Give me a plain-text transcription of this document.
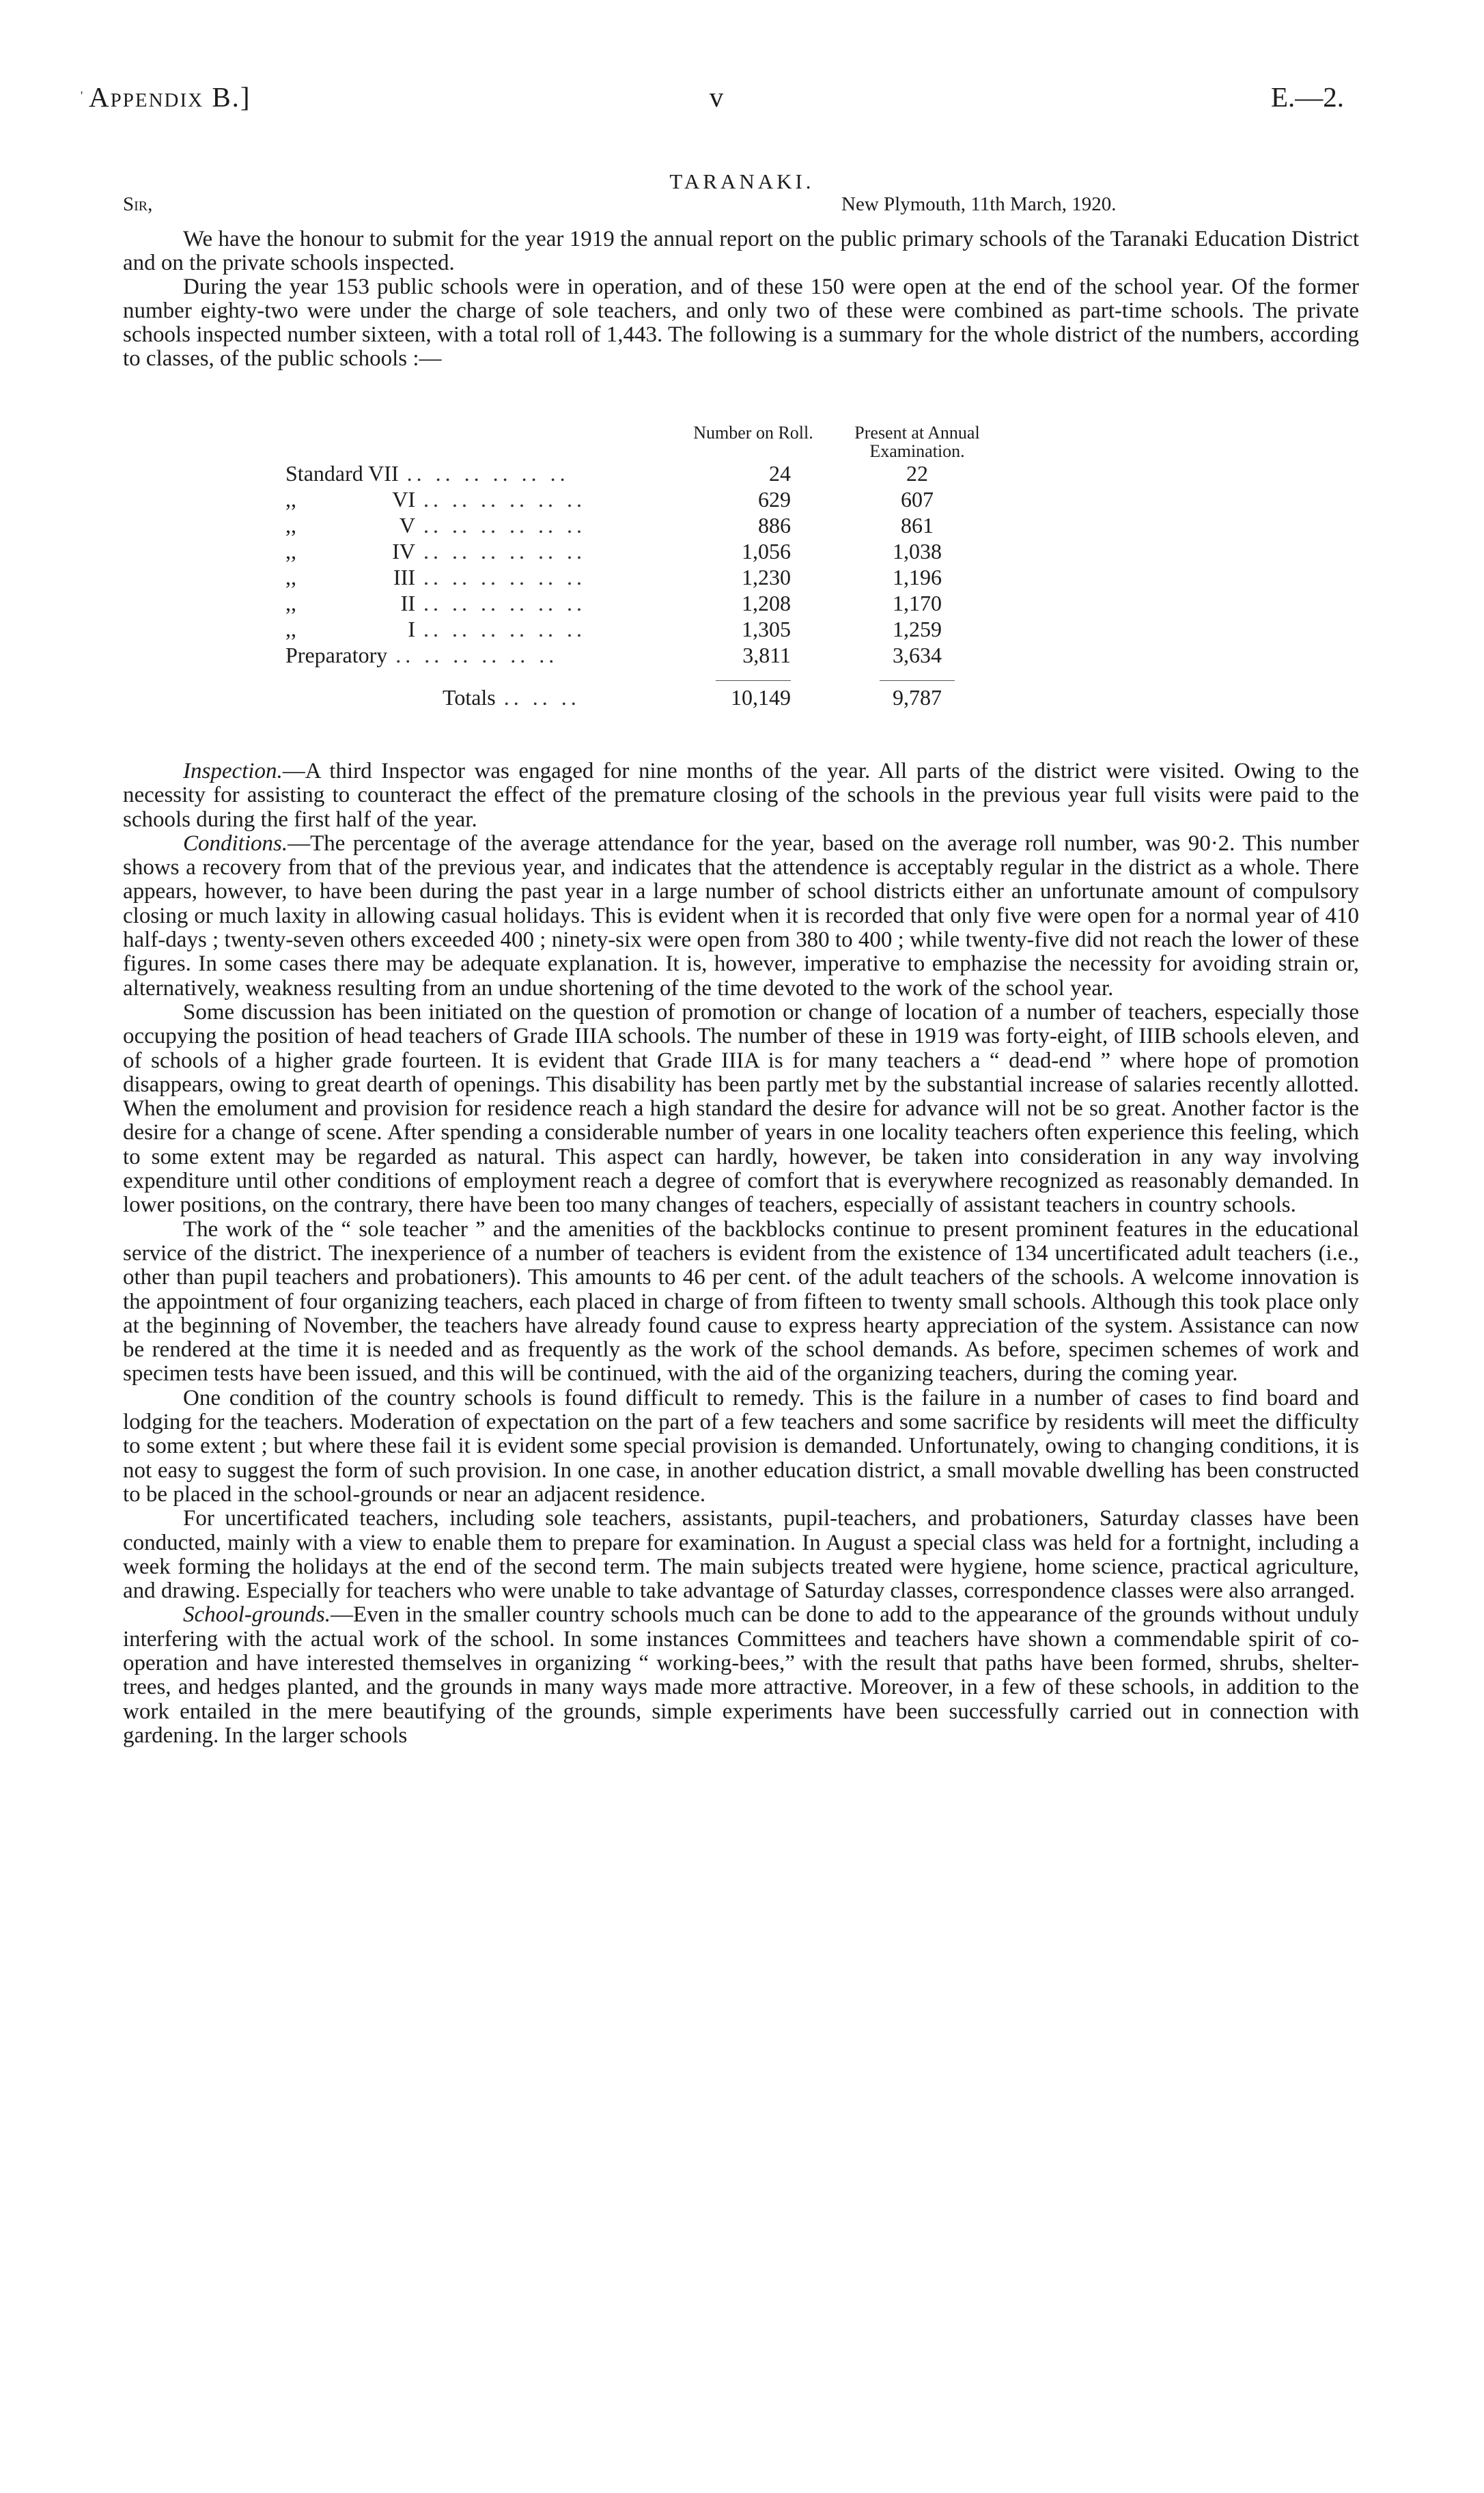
' Appendix B.]	v	E.—2.
TARANAKI.
Sir,	New Plymouth, 11th March, 1920.

We have the honour to submit for the year 1919 the annual report on the public primary schools of the Taranaki Education District and on the private schools inspected.

During the year 153 public schools were in operation, and of these 150 were open at the end of the school year. Of the former number eighty-two were under the charge of sole teachers, and only two of these were combined as part-time schools. The private schools inspected number sixteen, with a total roll of 1,443. The following is a summary for the whole district of the numbers, according to classes, of the public schools :—

	Number on Roll.	Present at Annual Examination.
Standard VII .. .. .. .. .. ..	24	22
,, VI .. .. .. .. .. ..	629	607
,, V .. .. .. .. .. ..	886	861
,, IV .. .. .. .. .. ..	1,056	1,038
,, III .. .. .. .. .. ..	1,230	1,196
,, II .. .. .. .. .. ..	1,208	1,170
,, I .. .. .. .. .. ..	1,305	1,259
Preparatory .. .. .. .. .. ..	3,811	3,634
Totals .. .. ..	10,149	9,787

Inspection.—A third Inspector was engaged for nine months of the year. All parts of the district were visited. Owing to the necessity for assisting to counteract the effect of the premature closing of the schools in the previous year full visits were paid to the schools during the first half of the year.

Conditions.—The percentage of the average attendance for the year, based on the average roll number, was 90·2. This number shows a recovery from that of the previous year, and indicates that the attendence is acceptably regular in the district as a whole. There appears, however, to have been during the past year in a large number of school districts either an unfortunate amount of compulsory closing or much laxity in allowing casual holidays. This is evident when it is recorded that only five were open for a normal year of 410 half-days ; twenty-seven others exceeded 400 ; ninety-six were open from 380 to 400 ; while twenty-five did not reach the lower of these figures. In some cases there may be adequate explanation. It is, however, imperative to emphazise the necessity for avoiding strain or, alternatively, weakness resulting from an undue shortening of the time devoted to the work of the school year.

Some discussion has been initiated on the question of promotion or change of location of a number of teachers, especially those occupying the position of head teachers of Grade IIIA schools. The number of these in 1919 was forty-eight, of IIIB schools eleven, and of schools of a higher grade fourteen. It is evident that Grade IIIA is for many teachers a “ dead-end ” where hope of promotion disappears, owing to great dearth of openings. This disability has been partly met by the substantial increase of salaries recently allotted. When the emolument and provision for residence reach a high standard the desire for advance will not be so great. Another factor is the desire for a change of scene. After spending a considerable number of years in one locality teachers often experience this feeling, which to some extent may be regarded as natural. This aspect can hardly, however, be taken into consideration in any way involving expenditure until other conditions of employment reach a degree of comfort that is everywhere recognized as reasonably demanded. In lower positions, on the contrary, there have been too many changes of teachers, especially of assistant teachers in country schools.

The work of the “ sole teacher ” and the amenities of the backblocks continue to present prominent features in the educational service of the district. The inexperience of a number of teachers is evident from the existence of 134 uncertificated adult teachers (i.e., other than pupil teachers and probationers). This amounts to 46 per cent. of the adult teachers of the schools. A welcome innovation is the appointment of four organizing teachers, each placed in charge of from fifteen to twenty small schools. Although this took place only at the beginning of November, the teachers have already found cause to express hearty appreciation of the system. Assistance can now be rendered at the time it is needed and as frequently as the work of the school demands. As before, specimen schemes of work and specimen tests have been issued, and this will be continued, with the aid of the organizing teachers, during the coming year.

One condition of the country schools is found difficult to remedy. This is the failure in a number of cases to find board and lodging for the teachers. Moderation of expectation on the part of a few teachers and some sacrifice by residents will meet the difficulty to some extent ; but where these fail it is evident some special provision is demanded. Unfortunately, owing to changing conditions, it is not easy to suggest the form of such provision. In one case, in another education district, a small movable dwelling has been constructed to be placed in the school-grounds or near an adjacent residence.

For uncertificated teachers, including sole teachers, assistants, pupil-teachers, and probationers, Saturday classes have been conducted, mainly with a view to enable them to prepare for examination. In August a special class was held for a fortnight, including a week forming the holidays at the end of the second term. The main subjects treated were hygiene, home science, practical agriculture, and drawing. Especially for teachers who were unable to take advantage of Saturday classes, correspondence classes were also arranged.

School-grounds.—Even in the smaller country schools much can be done to add to the appearance of the grounds without unduly interfering with the actual work of the school. In some instances Committees and teachers have shown a commendable spirit of co-operation and have interested themselves in organizing “ working-bees,” with the result that paths have been formed, shrubs, shelter-trees, and hedges planted, and the grounds in many ways made more attractive. Moreover, in a few of these schools, in addition to the work entailed in the mere beautifying of the grounds, simple experiments have been successfully carried out in connection with gardening. In the larger schools
